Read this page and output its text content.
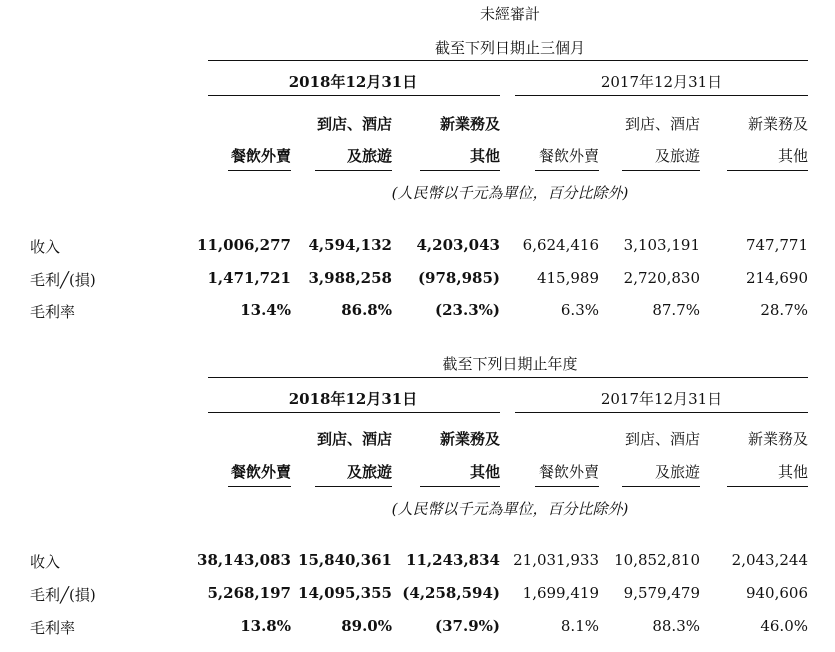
未經審計
截至下列日期止三個月
2018年12月31日	2017年12月31日
到店、酒店	新業務及	到店、酒店	新業務及
餐飲外賣	及旅遊	其他	餐飲外賣	及旅遊	其他
(人民幣以千元為單位，百分比除外)
收入	11,006,277	4,594,132	4,203,043	6,624,416	3,103,191	747,771
毛利╱(損)	1,471,721	3,988,258	(978,985)	415,989	2,720,830	214,690
毛利率	13.4%	86.8%	(23.3%)	6.3%	87.7%	28.7%
截至下列日期止年度
2018年12月31日	2017年12月31日
到店、酒店	新業務及	到店、酒店	新業務及
餐飲外賣	及旅遊	其他	餐飲外賣	及旅遊	其他
(人民幣以千元為單位，百分比除外)
收入	38,143,083 15,840,361 11,243,834 21,031,933	10,852,810	2,043,244
毛利╱(損)	5,268,197 14,095,355 (4,258,594)	1,699,419	9,579,479	940,606
毛利率	13.8%	89.0%	(37.9%)	8.1%	88.3%	46.0%
